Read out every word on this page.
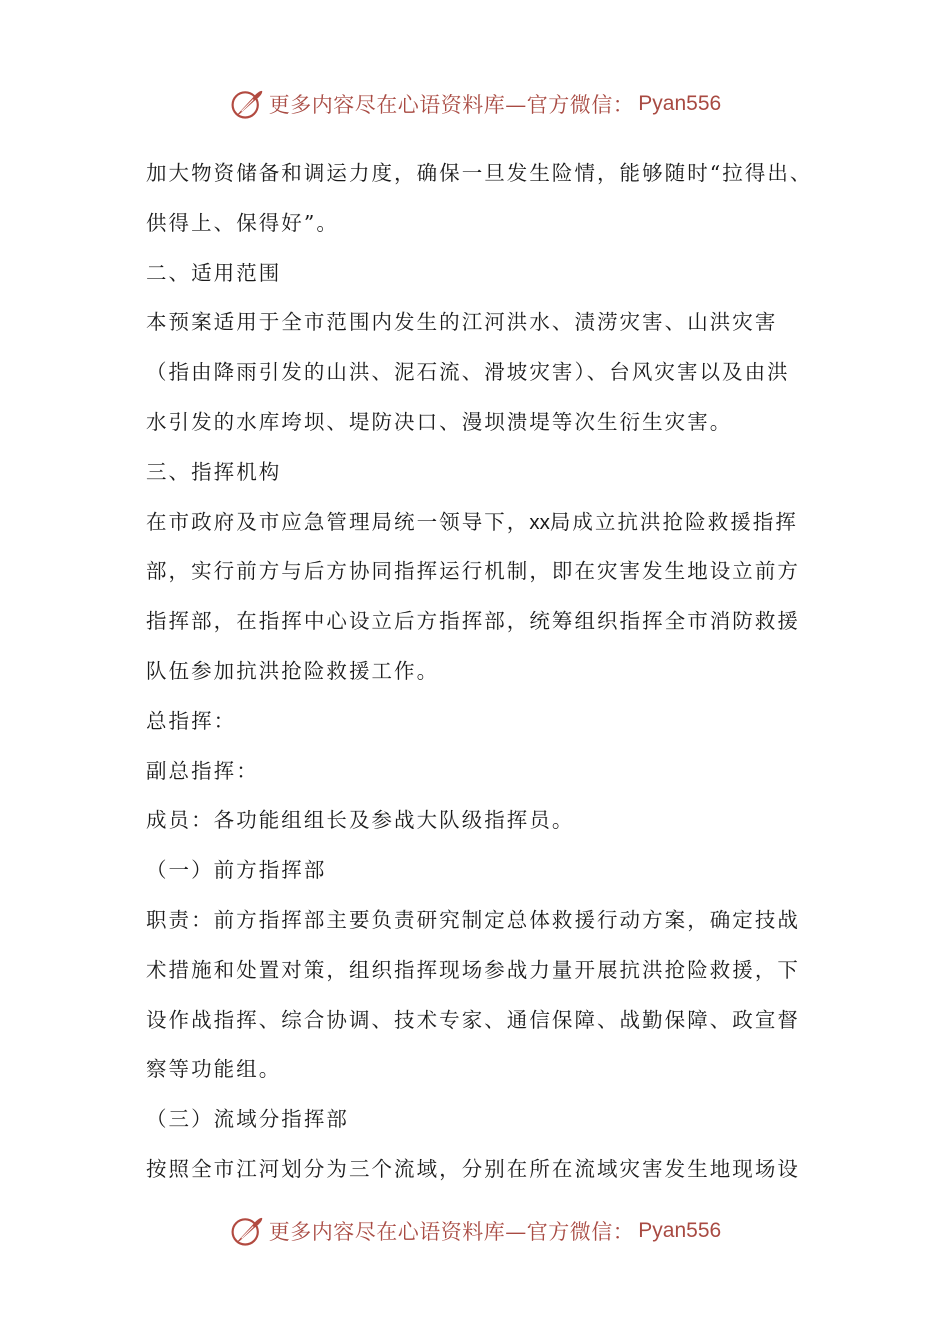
更多内容尽在心语资料库—官方微信： Pyan556
加大物资储备和调运力度，确保一旦发生险情，能够随时“拉得出、
供得上、保得好”。
二、适用范围
本预案适用于全市范围内发生的江河洪水、渍涝灾害、山洪灾害
（指由降雨引发的山洪、泥石流、滑坡灾害）、台风灾害以及由洪
水引发的水库垮坝、堤防决口、漫坝溃堤等次生衍生灾害。
三、指挥机构
在市政府及市应急管理局统一领导下，xx局成立抗洪抢险救援指挥
部，实行前方与后方协同指挥运行机制，即在灾害发生地设立前方
指挥部，在指挥中心设立后方指挥部，统筹组织指挥全市消防救援
队伍参加抗洪抢险救援工作。
总指挥：
副总指挥：
成员：各功能组组长及参战大队级指挥员。
（一）前方指挥部
职责：前方指挥部主要负责研究制定总体救援行动方案，确定技战
术措施和处置对策，组织指挥现场参战力量开展抗洪抢险救援，下
设作战指挥、综合协调、技术专家、通信保障、战勤保障、政宣督
察等功能组。
（三）流域分指挥部
按照全市江河划分为三个流域，分别在所在流域灾害发生地现场设
更多内容尽在心语资料库—官方微信： Pyan556
